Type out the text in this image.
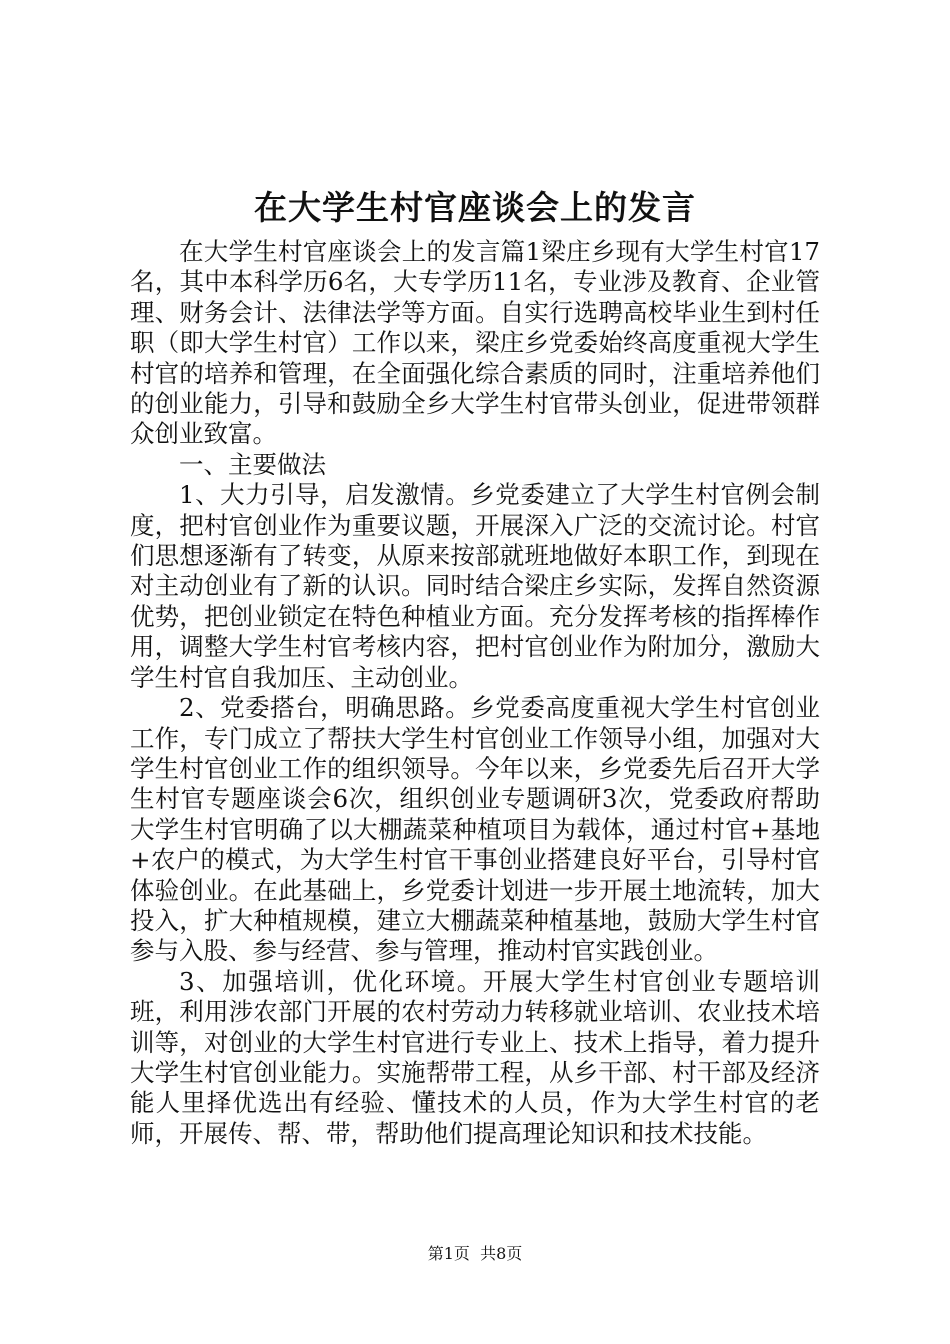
在大学生村官座谈会上的发言

在大学生村官座谈会上的发言篇1梁庄乡现有大学生村官17名，其中本科学历6名，大专学历11名，专业涉及教育、企业管理、财务会计、法律法学等方面。自实行选聘高校毕业生到村任职（即大学生村官）工作以来，梁庄乡党委始终高度重视大学生村官的培养和管理，在全面强化综合素质的同时，注重培养他们的创业能力，引导和鼓励全乡大学生村官带头创业，促进带领群众创业致富。

一、主要做法

1、大力引导，启发激情。乡党委建立了大学生村官例会制度，把村官创业作为重要议题，开展深入广泛的交流讨论。村官们思想逐渐有了转变，从原来按部就班地做好本职工作，到现在对主动创业有了新的认识。同时结合梁庄乡实际，发挥自然资源优势，把创业锁定在特色种植业方面。充分发挥考核的指挥棒作用，调整大学生村官考核内容，把村官创业作为附加分，激励大学生村官自我加压、主动创业。

2、党委搭台，明确思路。乡党委高度重视大学生村官创业工作，专门成立了帮扶大学生村官创业工作领导小组，加强对大学生村官创业工作的组织领导。今年以来，乡党委先后召开大学生村官专题座谈会6次，组织创业专题调研3次，党委政府帮助大学生村官明确了以大棚蔬菜种植项目为载体，通过村官+基地+农户的模式，为大学生村官干事创业搭建良好平台，引导村官体验创业。在此基础上，乡党委计划进一步开展土地流转，加大投入，扩大种植规模，建立大棚蔬菜种植基地，鼓励大学生村官参与入股、参与经营、参与管理，推动村官实践创业。

3、加强培训，优化环境。开展大学生村官创业专题培训班，利用涉农部门开展的农村劳动力转移就业培训、农业技术培训等，对创业的大学生村官进行专业上、技术上指导，着力提升大学生村官创业能力。实施帮带工程，从乡干部、村干部及经济能人里择优选出有经验、懂技术的人员，作为大学生村官的老师，开展传、帮、带，帮助他们提高理论知识和技术技能。

第1页 共8页
